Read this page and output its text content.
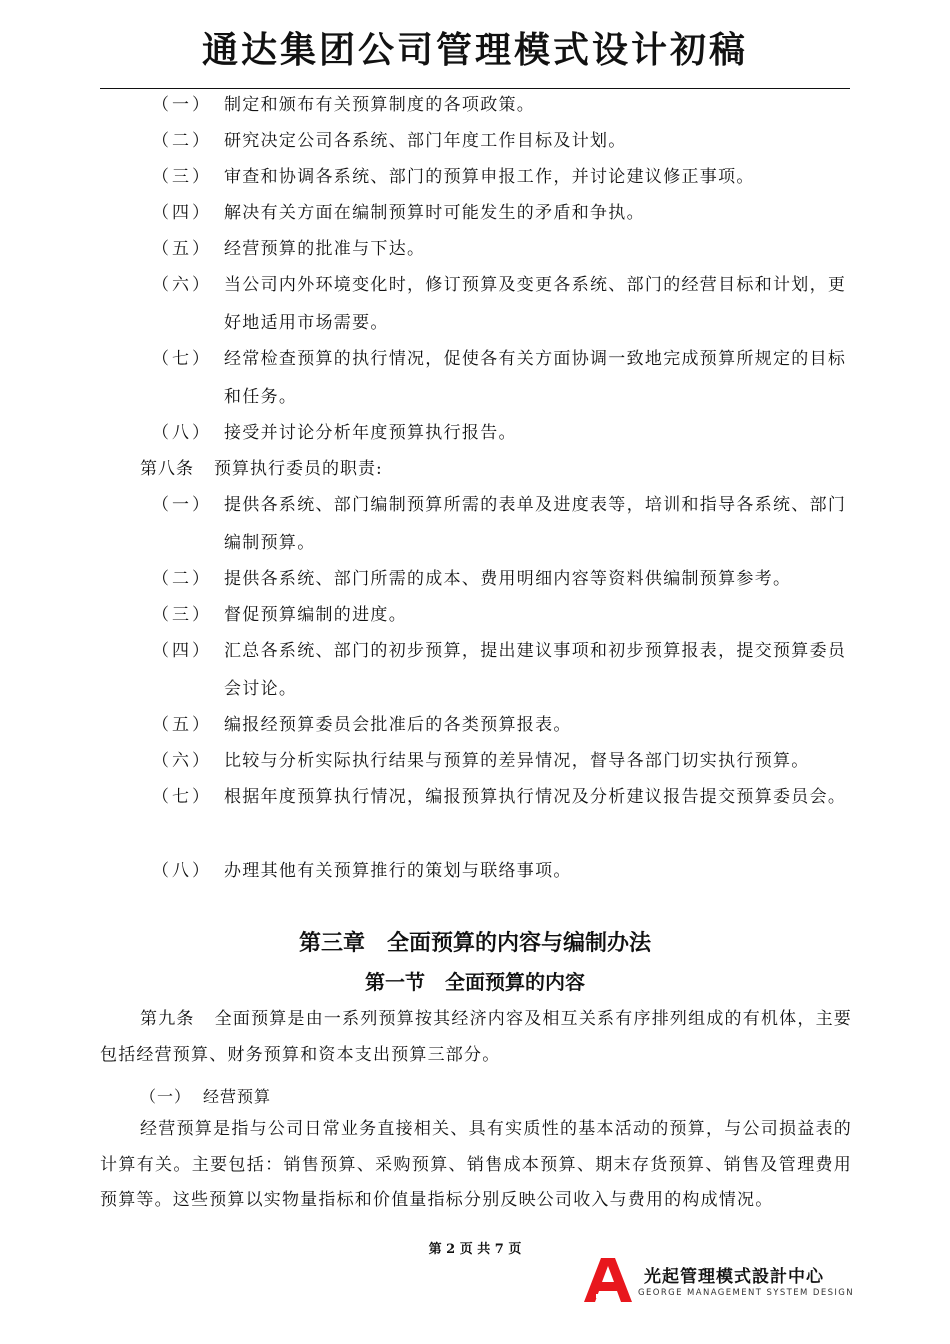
通达集团公司管理模式设计初稿
（一） 制定和颁布有关预算制度的各项政策。
（二） 研究决定公司各系统、部门年度工作目标及计划。
（三） 审查和协调各系统、部门的预算申报工作，并讨论建议修正事项。
（四） 解决有关方面在编制预算时可能发生的矛盾和争执。
（五） 经营预算的批准与下达。
（六） 当公司内外环境变化时，修订预算及变更各系统、部门的经营目标和计划，更好地适用市场需要。
（七） 经常检查预算的执行情况，促使各有关方面协调一致地完成预算所规定的目标和任务。
（八） 接受并讨论分析年度预算执行报告。
第八条 预算执行委员的职责:
（一） 提供各系统、部门编制预算所需的表单及进度表等，培训和指导各系统、部门编制预算。
（二） 提供各系统、部门所需的成本、费用明细内容等资料供编制预算参考。
（三） 督促预算编制的进度。
（四） 汇总各系统、部门的初步预算，提出建议事项和初步预算报表，提交预算委员会讨论。
（五） 编报经预算委员会批准后的各类预算报表。
（六） 比较与分析实际执行结果与预算的差异情况，督导各部门切实执行预算。
（七） 根据年度预算执行情况，编报预算执行情况及分析建议报告提交预算委员会。
（八） 办理其他有关预算推行的策划与联络事项。
第三章　全面预算的内容与编制办法
第一节　全面预算的内容

第九条 全面预算是由一系列预算按其经济内容及相互关系有序排列组成的有机体，主要包括经营预算、财务预算和资本支出预算三部分。

（一） 经营预算

经营预算是指与公司日常业务直接相关、具有实质性的基本活动的预算，与公司损益表的计算有关。主要包括：销售预算、采购预算、销售成本预算、期末存货预算、销售及管理费用预算等。这些预算以实物量指标和价值量指标分别反映公司收入与费用的构成情况。

第 2 页 共 7 页
光起管理模式設計中心
GEORGE MANAGEMENT SYSTEM DESIGN
